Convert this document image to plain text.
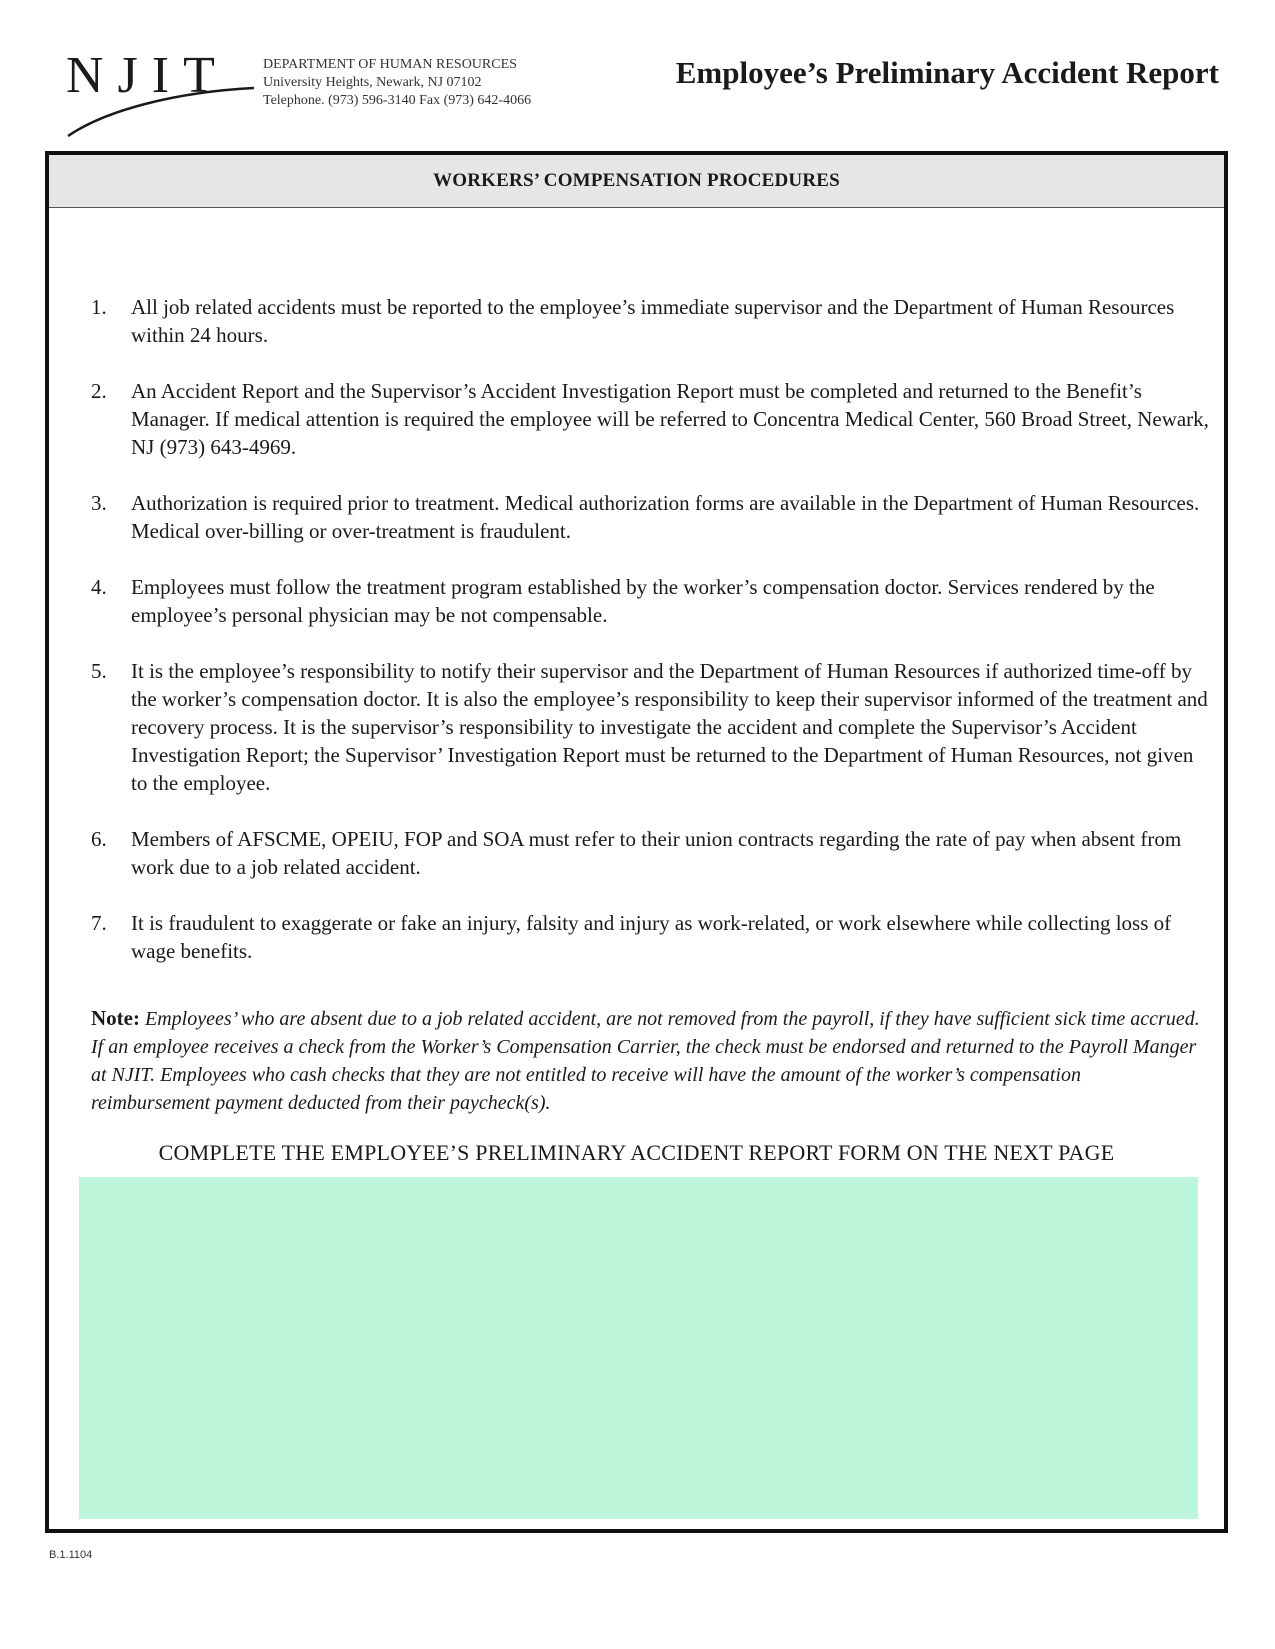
NJIT DEPARTMENT OF HUMAN RESOURCES
University Heights, Newark, NJ 07102
Telephone. (973) 596-3140 Fax (973) 642-4066
Employee’s Preliminary Accident Report
WORKERS’ COMPENSATION PROCEDURES
1. All job related accidents must be reported to the employee’s immediate supervisor and the Department of Human Resources within 24 hours.
2. An Accident Report and the Supervisor’s Accident Investigation Report must be completed and returned to the Benefit’s Manager. If medical attention is required the employee will be referred to Concentra Medical Center, 560 Broad Street, Newark, NJ (973) 643-4969.
3. Authorization is required prior to treatment. Medical authorization forms are available in the Department of Human Resources. Medical over-billing or over-treatment is fraudulent.
4. Employees must follow the treatment program established by the worker’s compensation doctor. Services rendered by the employee’s personal physician may be not compensable.
5. It is the employee’s responsibility to notify their supervisor and the Department of Human Resources if authorized time-off by the worker’s compensation doctor. It is also the employee’s responsibility to keep their supervisor informed of the treatment and recovery process. It is the supervisor’s responsibility to investigate the accident and complete the Supervisor’s Accident Investigation Report; the Supervisor’ Investigation Report must be returned to the Department of Human Resources, not given to the employee.
6. Members of AFSCME, OPEIU, FOP and SOA must refer to their union contracts regarding the rate of pay when absent from work due to a job related accident.
7. It is fraudulent to exaggerate or fake an injury, falsity and injury as work-related, or work elsewhere while collecting loss of wage benefits.
Note: Employees’ who are absent due to a job related accident, are not removed from the payroll, if they have sufficient sick time accrued. If an employee receives a check from the Worker’s Compensation Carrier, the check must be endorsed and returned to the Payroll Manger at NJIT. Employees who cash checks that they are not entitled to receive will have the amount of the worker’s compensation reimbursement payment deducted from their paycheck(s).
COMPLETE THE EMPLOYEE’S PRELIMINARY ACCIDENT REPORT FORM ON THE NEXT PAGE
B.1.1104
